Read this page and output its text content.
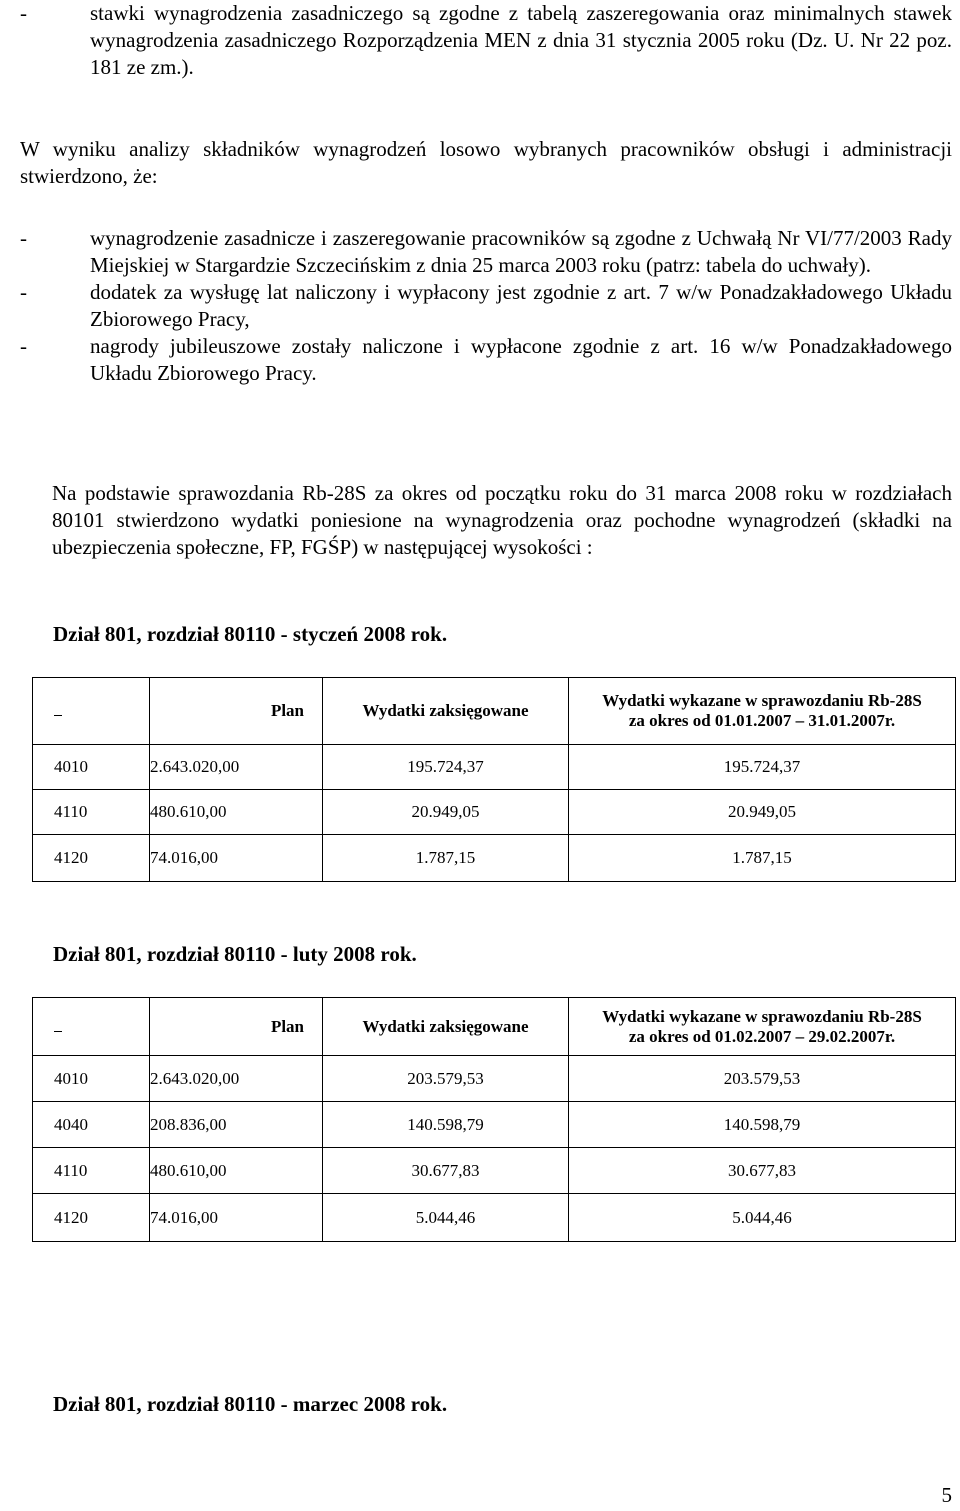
-	stawki wynagrodzenia zasadniczego są zgodne z tabelą zaszeregowania oraz minimalnych stawek wynagrodzenia zasadniczego Rozporządzenia MEN z dnia 31 stycznia 2005 roku (Dz. U. Nr 22 poz. 181 ze zm.).

W wyniku analizy składników wynagrodzeń losowo wybranych pracowników obsługi i administracji stwierdzono, że:

-	wynagrodzenie zasadnicze i zaszeregowanie pracowników są zgodne z Uchwałą Nr VI/77/2003 Rady Miejskiej w Stargardzie Szczecińskim z dnia 25 marca 2003 roku (patrz: tabela do uchwały).
-	dodatek za wysługę lat naliczony i wypłacony jest zgodnie z art. 7 w/w Ponadzakładowego Układu Zbiorowego Pracy,
-	nagrody jubileuszowe zostały naliczone i wypłacone zgodnie z art. 16 w/w Ponadzakładowego Układu Zbiorowego Pracy.

Na podstawie sprawozdania Rb-28S za okres od początku roku do 31 marca 2008 roku w rozdziałach 80101 stwierdzono wydatki poniesione na wynagrodzenia oraz pochodne wynagrodzeń (składki na ubezpieczenia społeczne, FP, FGŚP) w następującej wysokości :

Dział 801, rozdział 80110 - styczeń 2008 rok.

	Plan	Wydatki zaksięgowane	Wydatki wykazane w sprawozdaniu Rb-28S
za okres od 01.01.2007 – 31.01.2007r.

4010	2.643.020,00	195.724,37	195.724,37
4110	480.610,00	20.949,05	20.949,05
4120	74.016,00	1.787,15	1.787,15

Dział 801, rozdział 80110 - luty 2008 rok.

	Plan	Wydatki zaksięgowane	Wydatki wykazane w sprawozdaniu Rb-28S
za okres od 01.02.2007 – 29.02.2007r.

4010	2.643.020,00	203.579,53	203.579,53
4040	208.836,00	140.598,79	140.598,79
4110	480.610,00	30.677,83	30.677,83
4120	74.016,00	5.044,46	5.044,46

Dział 801, rozdział 80110 - marzec 2008 rok.

5
